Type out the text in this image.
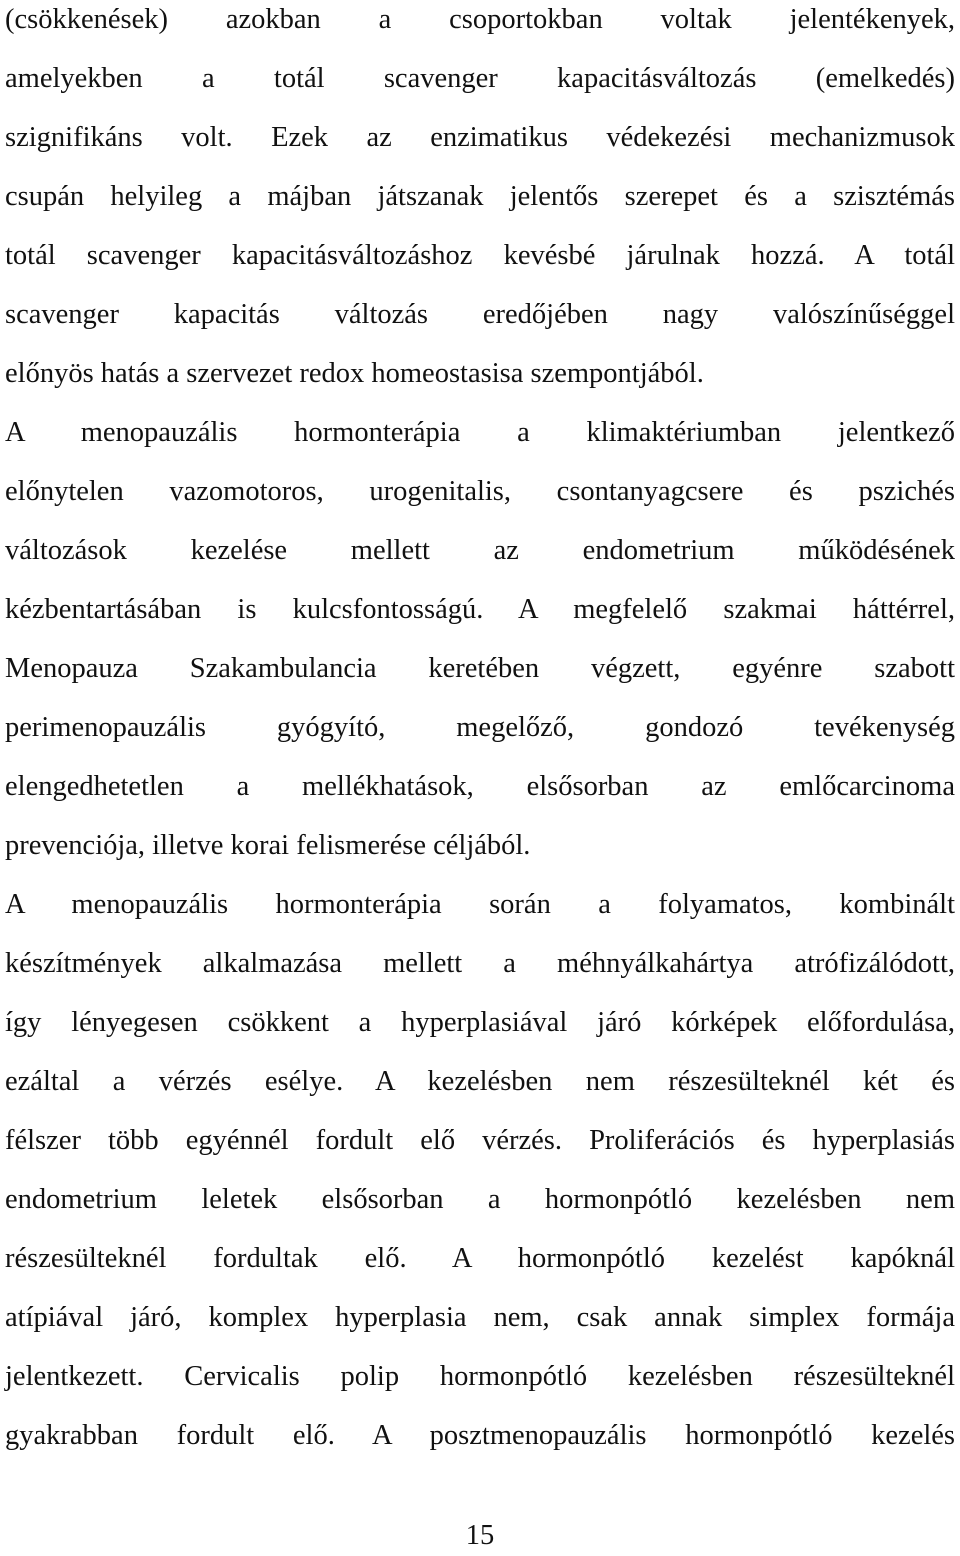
(csökkenések) azokban a csoportokban voltak jelentékenyek,
amelyekben a totál scavenger kapacitásváltozás (emelkedés)
szignifikáns volt. Ezek az enzimatikus védekezési mechanizmusok
csupán helyileg a májban játszanak jelentős szerepet és a szisztémás
totál scavenger kapacitásváltozáshoz kevésbé járulnak hozzá. A totál
scavenger kapacitás változás eredőjében nagy valószínűséggel
előnyös hatás a szervezet redox homeostasisa szempontjából.
A menopauzális hormonterápia a klimaktériumban jelentkező
előnytelen vazomotoros, urogenitalis, csontanyagcsere és pszichés
változások kezelése mellett az endometrium működésének
kézbentartásában is kulcsfontosságú. A megfelelő szakmai háttérrel,
Menopauza Szakambulancia keretében végzett, egyénre szabott
perimenopauzális gyógyító, megelőző, gondozó tevékenység
elengedhetetlen a mellékhatások, elsősorban az emlőcarcinoma
prevenciója, illetve korai felismerése céljából.
A menopauzális hormonterápia során a folyamatos, kombinált
készítmények alkalmazása mellett a méhnyálkahártya atrófizálódott,
így lényegesen csökkent a hyperplasiával járó kórképek előfordulása,
ezáltal a vérzés esélye. A kezelésben nem részesülteknél két és
félszer több egyénnél fordult elő vérzés. Proliferációs és hyperplasiás
endometrium leletek elsősorban a hormonpótló kezelésben nem
részesülteknél fordultak elő. A hormonpótló kezelést kapóknál
atípiával járó, komplex hyperplasia nem, csak annak simplex formája
jelentkezett. Cervicalis polip hormonpótló kezelésben részesülteknél
gyakrabban fordult elő. A posztmenopauzális hormonpótló kezelés
15
